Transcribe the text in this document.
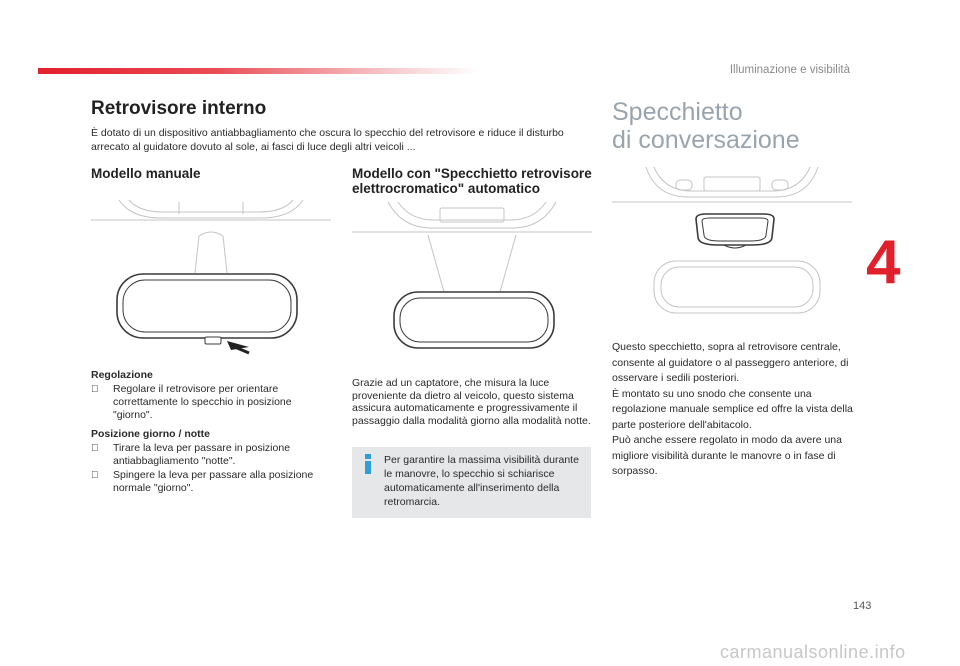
Illuminazione e visibilità
4
Retrovisore interno

È dotato di un dispositivo antiabbagliamento che oscura lo specchio del retrovisore e riduce il disturbo arrecato al guidatore dovuto al sole, ai fasci di luce degli altri veicoli ...

Modello manuale
Regolazione
Regolare il retrovisore per orientare correttamente lo specchio in posizione "giorno".
Posizione giorno / notte
Tirare la leva per passare in posizione antiabbagliamento "notte".
Spingere la leva per passare alla posizione normale "giorno".
Modello con "Specchietto retrovisore elettrocromatico" automatico

Grazie ad un captatore, che misura la luce proveniente da dietro al veicolo, questo sistema assicura automaticamente e progressivamente il passaggio dalla modalità giorno alla modalità notte.

Per garantire la massima visibilità durante le manovre, lo specchio si schiarisce automaticamente all'inserimento della retromarcia.
Specchietto
di conversazione

Questo specchietto, sopra al retrovisore centrale, consente al guidatore o al passeggero anteriore, di osservare i sedili posteriori.
È montato su uno snodo che consente una regolazione manuale semplice ed offre la vista della parte posteriore dell'abitacolo.
Può anche essere regolato in modo da avere una migliore visibilità durante le manovre o in fase di sorpasso.

143
carmanualsonline.info
